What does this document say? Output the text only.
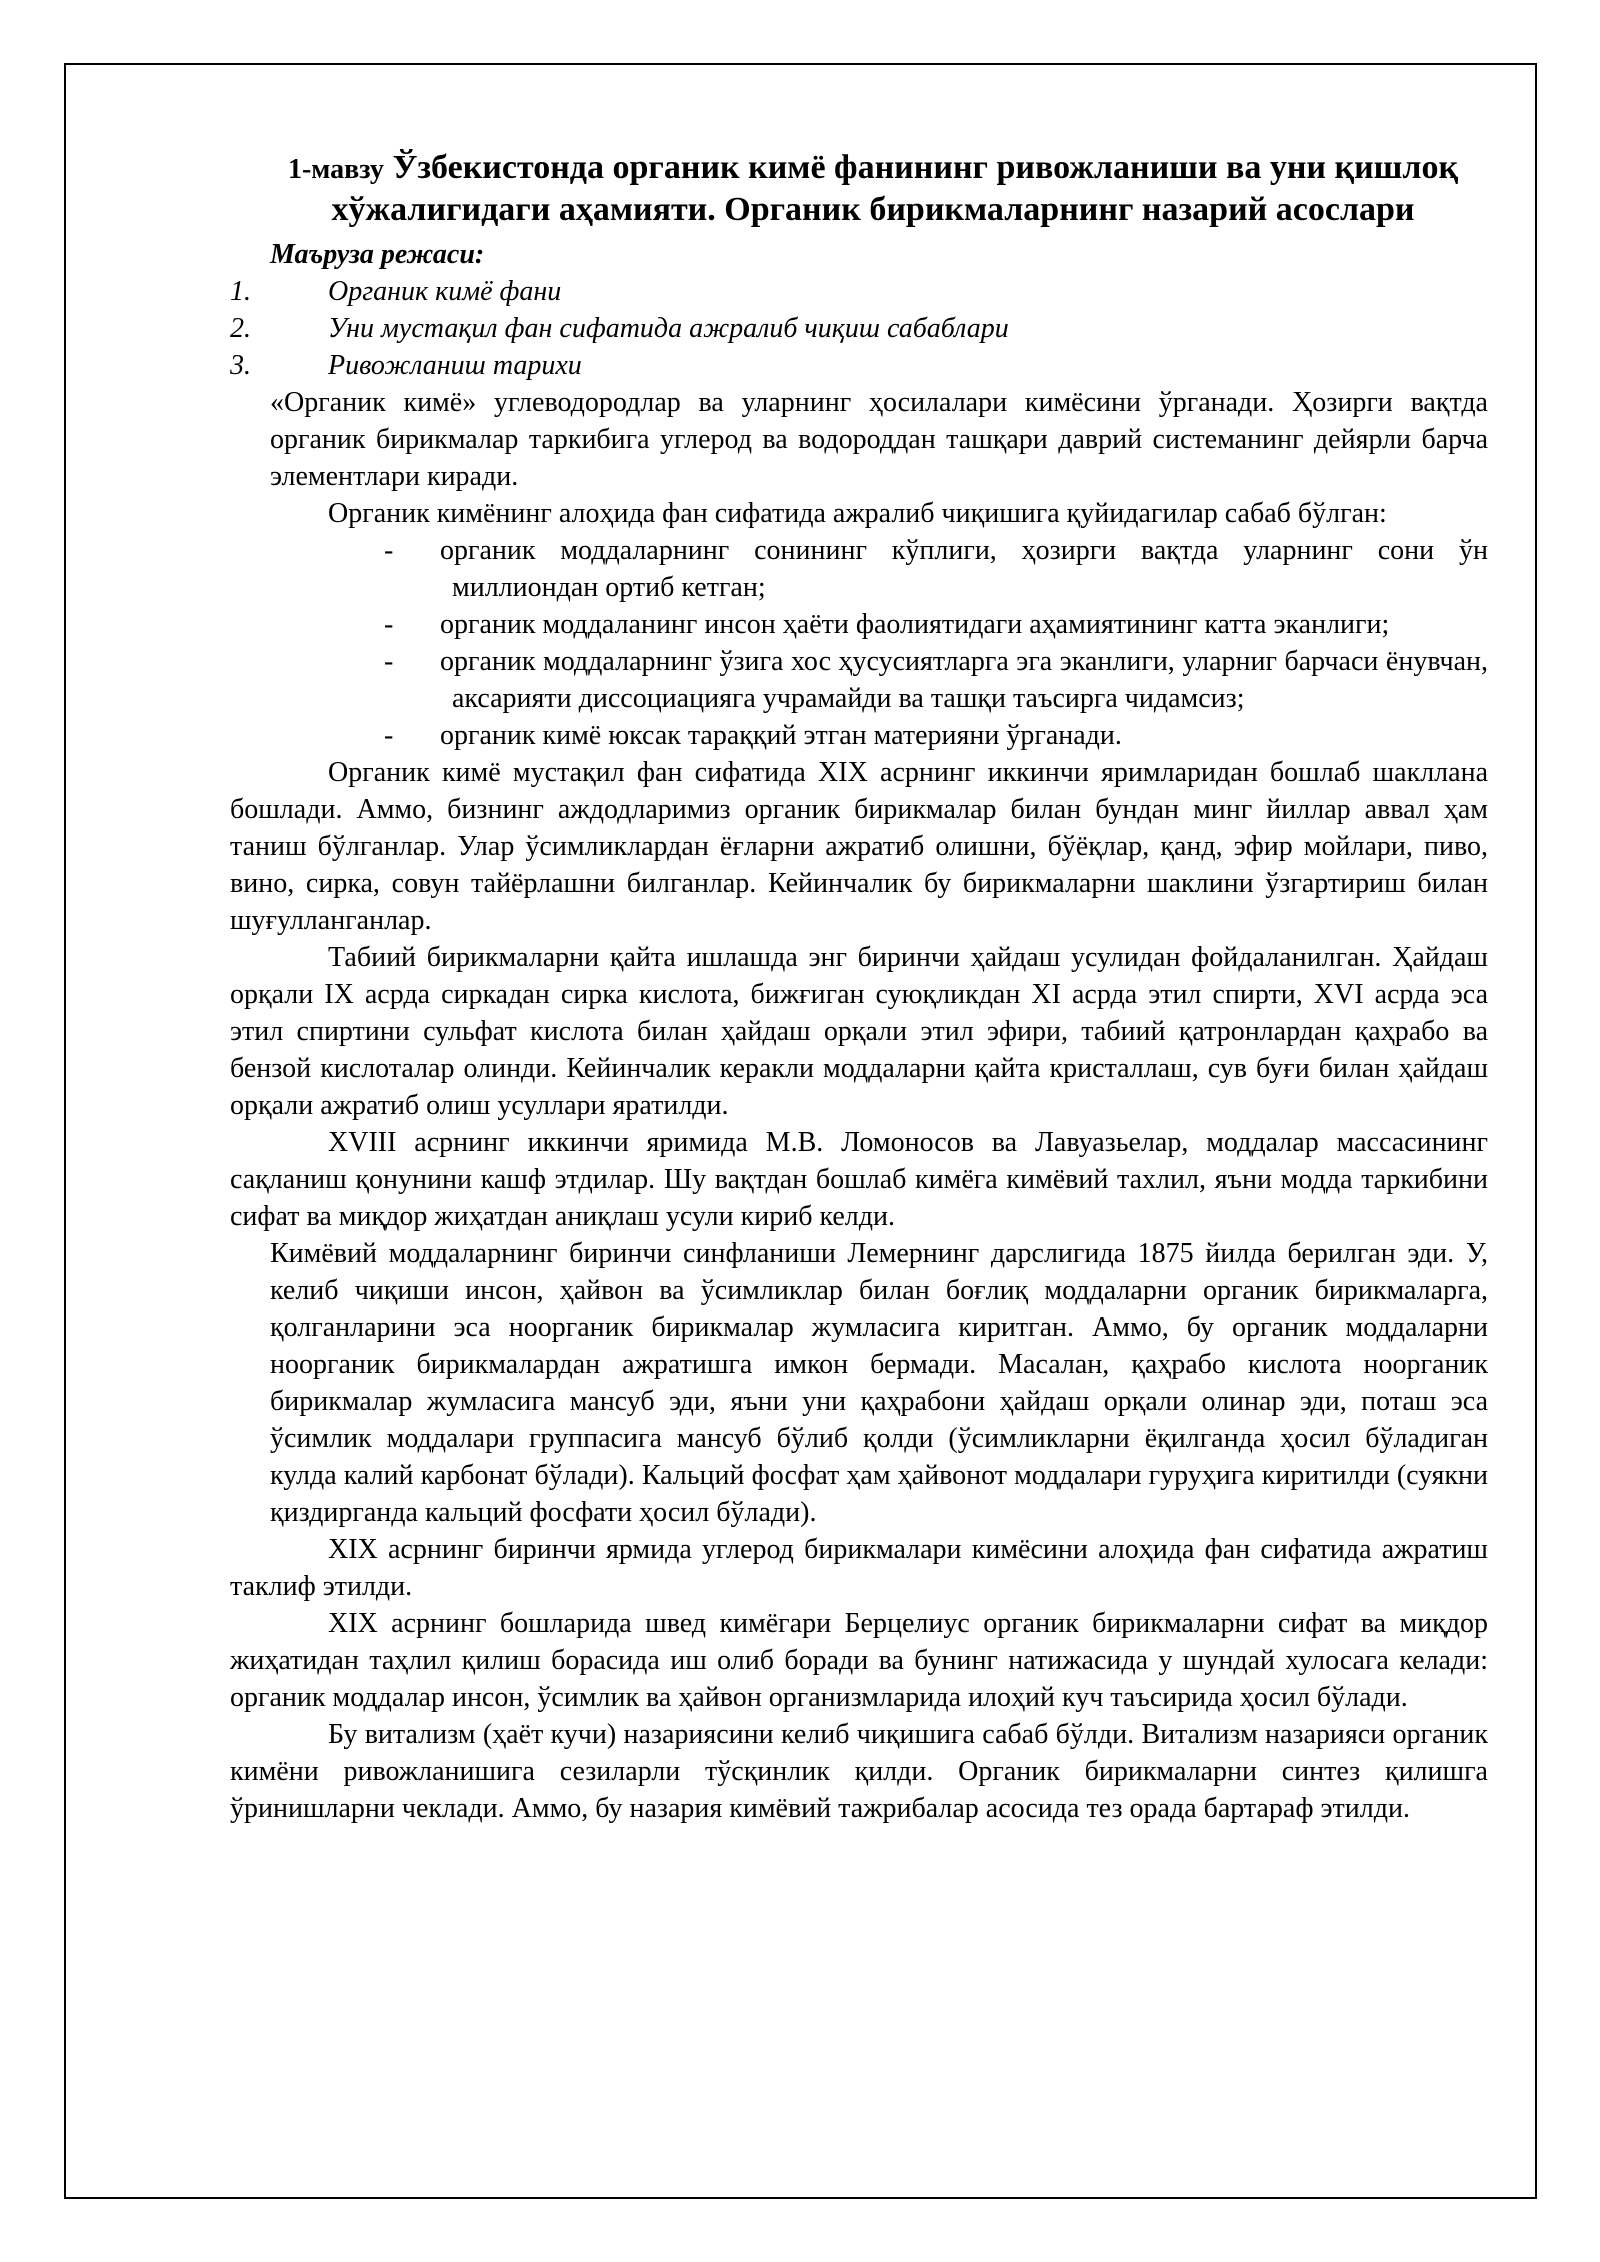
1-мавзу Ўзбекистонда органик кимё фанининг ривожланиши ва уни қишлоқ хўжалигидаги аҳамияти. Органик бирикмаларнинг назарий асослари

Маъруза режаси:

1.	Органик кимё фани
2.	Уни мустақил фан сифатида ажралиб чиқиш сабаблари
3.	Ривожланиш тарихи

«Органик кимё» углеводородлар ва уларнинг ҳосилалари кимёсини ўрганади. Ҳозирги вақтда органик бирикмалар таркибига углерод ва водороддан ташқари даврий системанинг дейярли барча элементлари киради.

Органик кимёнинг алоҳида фан сифатида ажралиб чиқишига қуйидагилар сабаб бўлган:

- органик моддаларнинг сонининг кўплиги, ҳозирги вақтда уларнинг сони ўн миллиондан ортиб кетган;

- органик моддаланинг инсон ҳаёти фаолиятидаги аҳамиятининг катта эканлиги;

- органик моддаларнинг ўзига хос ҳусусиятларга эга эканлиги, уларниг барчаси ёнувчан, аксарияти диссоциацияга учрамайди ва ташқи таъсирга чидамсиз;

- органик кимё юксак тараққий этган материяни ўрганади.

Органик кимё мустақил фан сифатида XIX асрнинг иккинчи яримларидан бошлаб шакллана бошлади. Аммо, бизнинг аждодларимиз органик бирикмалар билан бундан минг йиллар аввал ҳам таниш бўлганлар. Улар ўсимликлардан ёғларни ажратиб олишни, бўёқлар, қанд, эфир мойлари, пиво, вино, сирка, совун тайёрлашни билганлар. Кейинчалик бу бирикмаларни шаклини ўзгартириш билан шуғулланганлар.

Табиий бирикмаларни қайта ишлашда энг биринчи ҳайдаш усулидан фойдаланилган. Ҳайдаш орқали IX асрда сиркадан сирка кислота, бижғиган суюқликдан XI асрда этил спирти, XVI асрда эса этил спиртини сульфат кислота билан ҳайдаш орқали этил эфири, табиий қатронлардан қаҳрабо ва бензой кислоталар олинди. Кейинчалик керакли моддаларни қайта кристаллаш, сув буғи билан ҳайдаш орқали ажратиб олиш усуллари яратилди.

XVIII асрнинг иккинчи яримида М.В. Ломоносов ва Лавуазьелар, моддалар массасининг сақланиш қонунини кашф этдилар. Шу вақтдан бошлаб кимёга кимёвий тахлил, яъни модда таркибини сифат ва миқдор жиҳатдан аниқлаш усули кириб келди.

Кимёвий моддаларнинг биринчи синфланиши Лемернинг дарслигида 1875 йилда берилган эди. У, келиб чиқиши инсон, ҳайвон ва ўсимликлар билан боғлиқ моддаларни органик бирикмаларга, қолганларини эса ноорганик бирикмалар жумласига киритган. Аммо, бу органик моддаларни ноорганик бирикмалардан ажратишга имкон бермади. Масалан, қаҳрабо кислота ноорганик бирикмалар жумласига мансуб эди, яъни уни қаҳрабони ҳайдаш орқали олинар эди, поташ эса ўсимлик моддалари группасига мансуб бўлиб қолди (ўсимликларни ёқилганда ҳосил бўладиган кулда калий карбонат бўлади). Кальций фосфат ҳам ҳайвонот моддалари гуруҳига киритилди (суякни қиздирганда кальций фосфати ҳосил бўлади).

XIX асрнинг биринчи ярмида углерод бирикмалари кимёсини алоҳида фан сифатида ажратиш таклиф этилди.

XIX асрнинг бошларида швед кимёгари Берцелиус органик бирикмаларни сифат ва миқдор жиҳатидан таҳлил қилиш борасида иш олиб боради ва бунинг натижасида у шундай хулосага келади: органик моддалар инсон, ўсимлик ва ҳайвон организмларида илоҳий куч таъсирида ҳосил бўлади.

Бу витализм (ҳаёт кучи) назариясини келиб чиқишига сабаб бўлди. Витализм назарияси органик кимёни ривожланишига сезиларли тўсқинлик қилди. Органик бирикмаларни синтез қилишга ўринишларни чеклади. Аммо, бу назария кимёвий тажрибалар асосида тез орада бартараф этилди.
